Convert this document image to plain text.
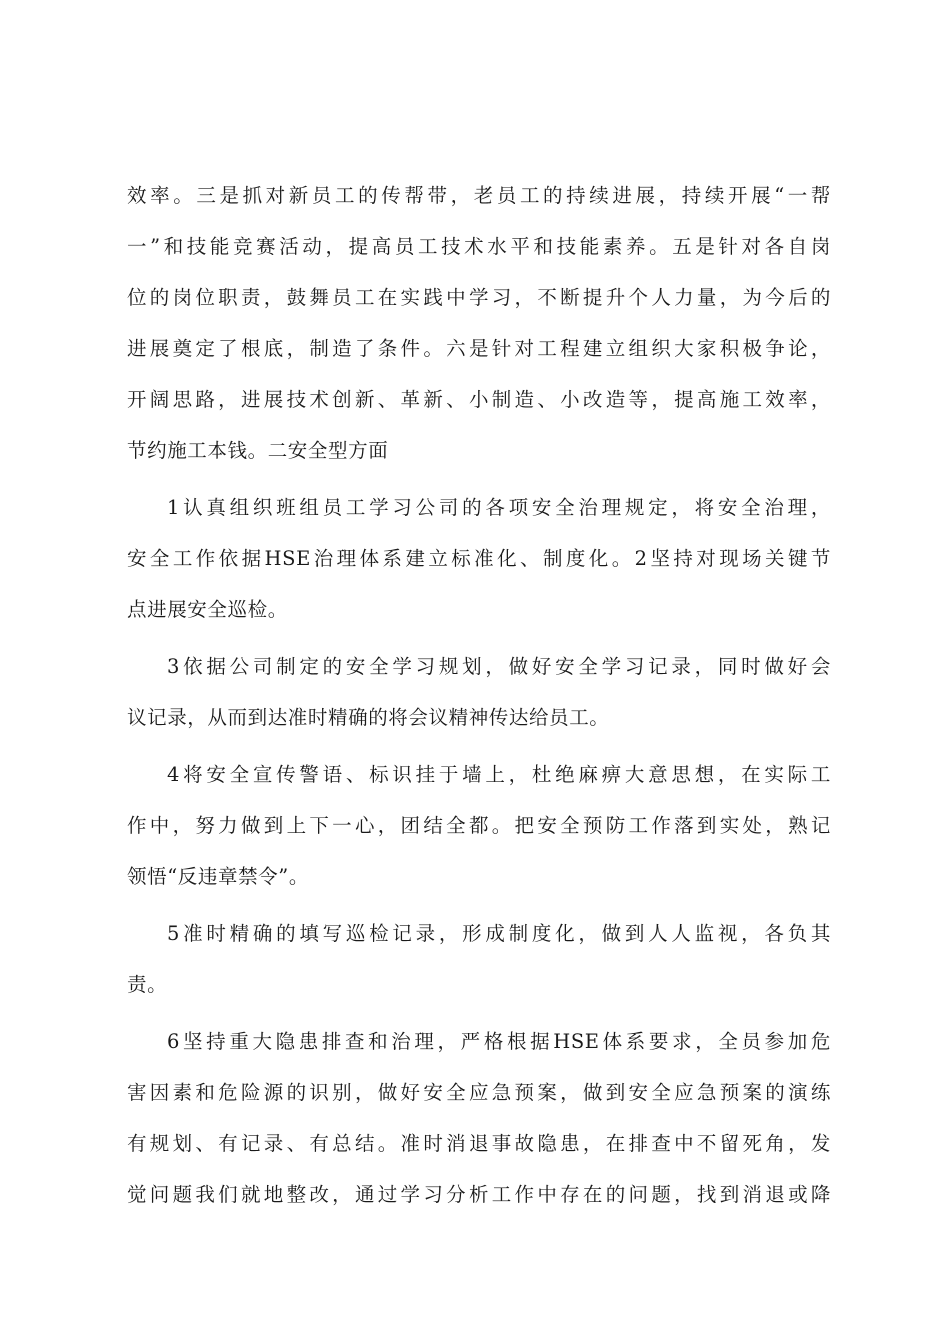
效率。三是抓对新员工的传帮带，老员工的持续进展，持续开展“一帮
一”和技能竞赛活动，提高员工技术水平和技能素养。五是针对各自岗
位的岗位职责，鼓舞员工在实践中学习，不断提升个人力量，为今后的
进展奠定了根底，制造了条件。六是针对工程建立组织大家积极争论，
开阔思路，进展技术创新、革新、小制造、小改造等，提高施工效率，
节约施工本钱。二安全型方面
1认真组织班组员工学习公司的各项安全治理规定，将安全治理，
安全工作依据HSE治理体系建立标准化、制度化。2坚持对现场关键节
点进展安全巡检。
3依据公司制定的安全学习规划，做好安全学习记录，同时做好会
议记录，从而到达准时精确的将会议精神传达给员工。
4将安全宣传警语、标识挂于墙上，杜绝麻痹大意思想，在实际工
作中，努力做到上下一心，团结全都。把安全预防工作落到实处，熟记
领悟“反违章禁令”。
5准时精确的填写巡检记录，形成制度化，做到人人监视，各负其
责。
6坚持重大隐患排查和治理，严格根据HSE体系要求，全员参加危
害因素和危险源的识别，做好安全应急预案，做到安全应急预案的演练
有规划、有记录、有总结。准时消退事故隐患，在排查中不留死角，发
觉问题我们就地整改，通过学习分析工作中存在的问题，找到消退或降
